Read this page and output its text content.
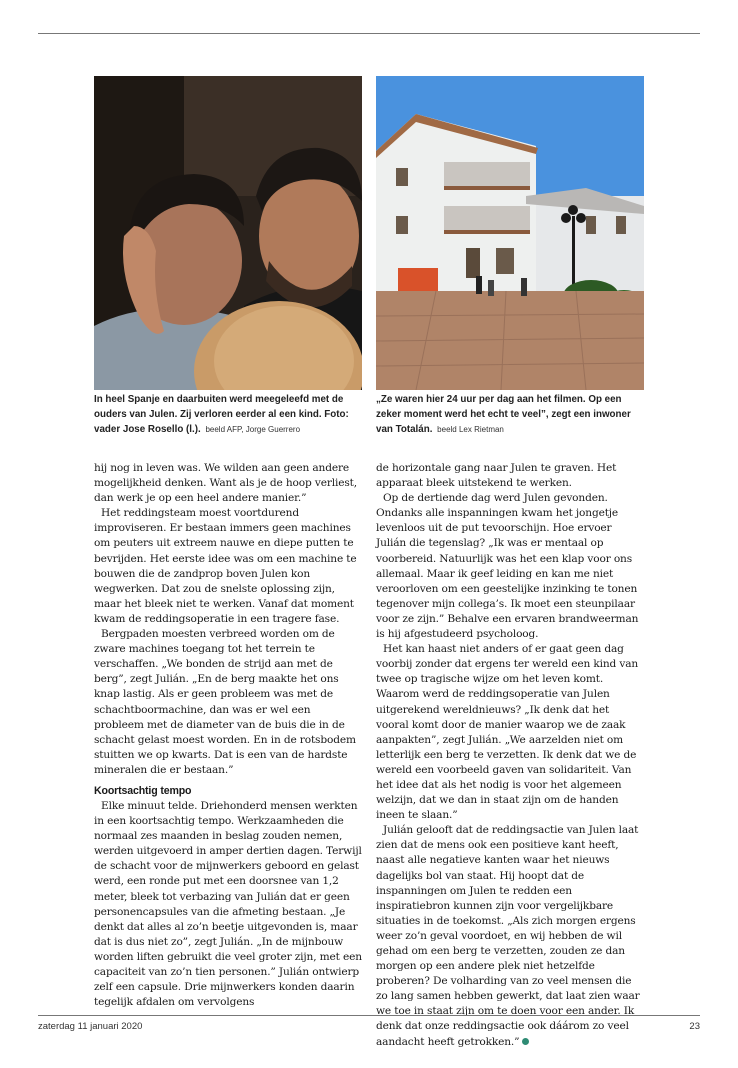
In heel Spanje en daarbuiten werd meegeleefd met de ouders van Julen. Zij verloren eerder al een kind. Foto: vader Jose Rosello (l.). beeld AFP, Jorge Guerrero
„Ze waren hier 24 uur per dag aan het filmen. Op een zeker moment werd het echt te veel”, zegt een inwoner van Totalán. beeld Lex Rietman

hij nog in leven was. We wilden aan geen andere mogelijkheid denken. Want als je de hoop verliest, dan werk je op een heel andere manier.”

Het reddingsteam moest voortdurend improviseren. Er bestaan immers geen machines om peuters uit extreem nauwe en diepe putten te bevrijden. Het eerste idee was om een machine te bouwen die de zandprop boven Julen kon wegwerken. Dat zou de snelste oplossing zijn, maar het bleek niet te werken. Vanaf dat moment kwam de reddingsoperatie in een tragere fase.

Bergpaden moesten verbreed worden om de zware machines toegang tot het terrein te verschaffen. „We bonden de strijd aan met de berg”, zegt Julián. „En de berg maakte het ons knap lastig. Als er geen probleem was met de schachtboormachine, dan was er wel een probleem met de diameter van de buis die in de schacht gelast moest worden. En in de rotsbodem stuitten we op kwarts. Dat is een van de hardste mineralen die er bestaan.”

Koortsachtig tempo

Elke minuut telde. Driehonderd mensen werkten in een koortsachtig tempo. Werkzaamheden die normaal zes maanden in beslag zouden nemen, werden uitgevoerd in amper dertien dagen. Terwijl de schacht voor de mijnwerkers geboord en gelast werd, een ronde put met een doorsnee van 1,2 meter, bleek tot verbazing van Julián dat er geen personencapsules van die afmeting bestaan. „Je denkt dat alles al zo’n beetje uitgevonden is, maar dat is dus niet zo”, zegt Julián. „In de mijnbouw worden liften gebruikt die veel groter zijn, met een capaciteit van zo’n tien personen.” Julián ontwierp zelf een capsule. Drie mijnwerkers konden daarin tegelijk afdalen om vervolgens

de horizontale gang naar Julen te graven. Het apparaat bleek uitstekend te werken.

Op de dertiende dag werd Julen gevonden. Ondanks alle inspanningen kwam het jongetje levenloos uit de put tevoorschijn. Hoe ervoer Julián die tegenslag? „Ik was er mentaal op voorbereid. Natuurlijk was het een klap voor ons allemaal. Maar ik geef leiding en kan me niet veroorloven om een geestelijke inzinking te tonen tegenover mijn collega’s. Ik moet een steunpilaar voor ze zijn.” Behalve een ervaren brandweerman is hij afgestudeerd psycholoog.

Het kan haast niet anders of er gaat geen dag voorbij zonder dat ergens ter wereld een kind van twee op tragische wijze om het leven komt. Waarom werd de reddingsoperatie van Julen uitgerekend wereldnieuws? „Ik denk dat het vooral komt door de manier waarop we de zaak aanpakten”, zegt Julián. „We aarzelden niet om letterlijk een berg te verzetten. Ik denk dat we de wereld een voorbeeld gaven van solidariteit. Van het idee dat als het nodig is voor het algemeen welzijn, dat we dan in staat zijn om de handen ineen te slaan.”

Julián gelooft dat de reddingsactie van Julen laat zien dat de mens ook een positieve kant heeft, naast alle negatieve kanten waar het nieuws dagelijks bol van staat. Hij hoopt dat de inspanningen om Julen te redden een inspiratiebron kunnen zijn voor vergelijkbare situaties in de toekomst. „Als zich morgen ergens weer zo’n geval voordoet, en wij hebben de wil gehad om een berg te verzetten, zouden ze dan morgen op een andere plek niet hetzelfde proberen? De volharding van zo veel mensen die zo lang samen hebben gewerkt, dat laat zien waar we toe in staat zijn om te doen voor een ander. Ik denk dat onze reddingsactie ook dáárom zo veel aandacht heeft getrokken.”

zaterdag 11 januari 2020	23
